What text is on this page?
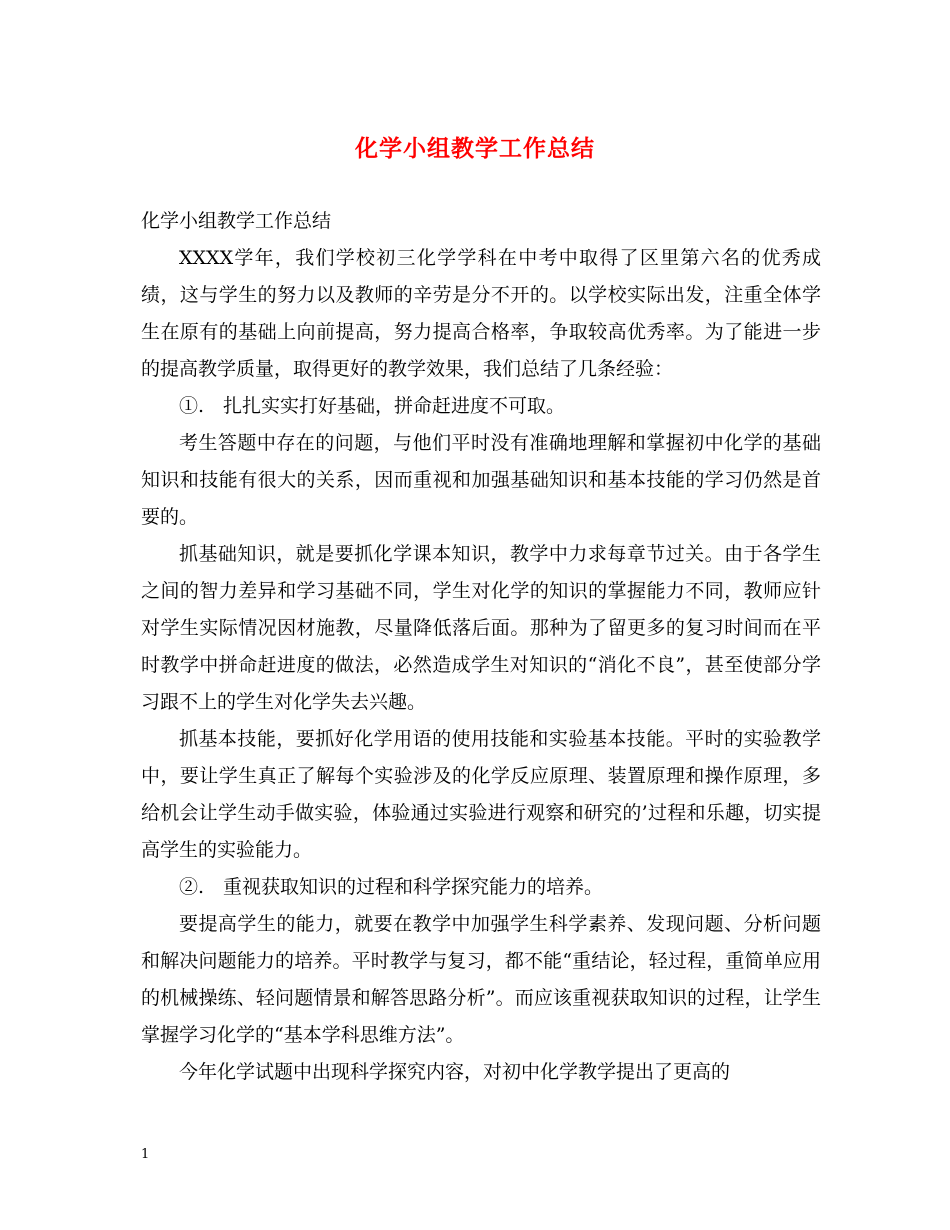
化学小组教学工作总结

化学小组教学工作总结

XXXX学年，我们学校初三化学学科在中考中取得了区里第六名的优秀成绩，这与学生的努力以及教师的辛劳是分不开的。以学校实际出发，注重全体学生在原有的基础上向前提高，努力提高合格率，争取较高优秀率。为了能进一步的提高教学质量，取得更好的教学效果，我们总结了几条经验：

①.　扎扎实实打好基础，拼命赶进度不可取。

考生答题中存在的问题，与他们平时没有准确地理解和掌握初中化学的基础知识和技能有很大的关系，因而重视和加强基础知识和基本技能的学习仍然是首要的。

抓基础知识，就是要抓化学课本知识，教学中力求每章节过关。由于各学生之间的智力差异和学习基础不同，学生对化学的知识的掌握能力不同，教师应针对学生实际情况因材施教，尽量降低落后面。那种为了留更多的复习时间而在平时教学中拼命赶进度的做法，必然造成学生对知识的“消化不良”，甚至使部分学习跟不上的学生对化学失去兴趣。

抓基本技能，要抓好化学用语的使用技能和实验基本技能。平时的实验教学中，要让学生真正了解每个实验涉及的化学反应原理、装置原理和操作原理，多给机会让学生动手做实验，体验通过实验进行观察和研究的’过程和乐趣，切实提高学生的实验能力。

②.　重视获取知识的过程和科学探究能力的培养。

要提高学生的能力，就要在教学中加强学生科学素养、发现问题、分析问题和解决问题能力的培养。平时教学与复习，都不能“重结论，轻过程，重简单应用的机械操练、轻问题情景和解答思路分析”。而应该重视获取知识的过程，让学生掌握学习化学的“基本学科思维方法”。

今年化学试题中出现科学探究内容，对初中化学教学提出了更高的

1
